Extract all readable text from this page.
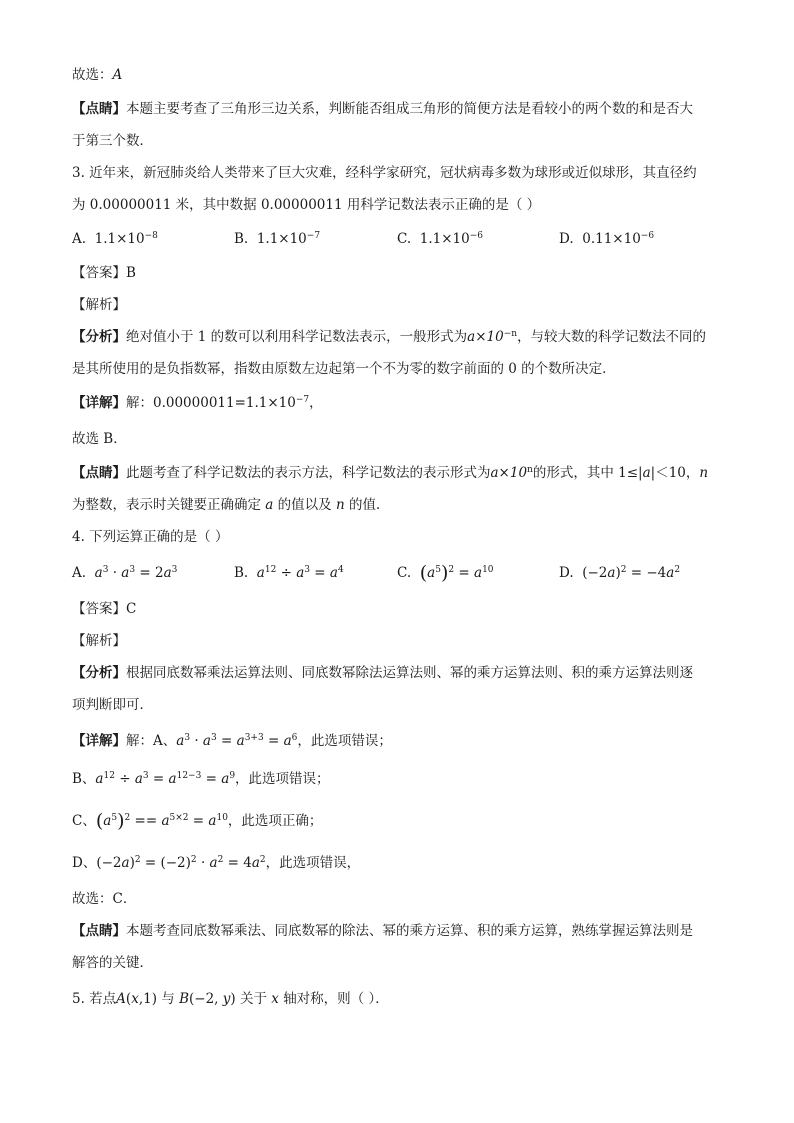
故选：A
【点睛】本题主要考查了三角形三边关系，判断能否组成三角形的简便方法是看较小的两个数的和是否大
于第三个数．
3. 近年来，新冠肺炎给人类带来了巨大灾难，经科学家研究，冠状病毒多数为球形或近似球形，其直径约
为 0.00000011 米，其中数据 0.00000011 用科学记数法表示正确的是（ ）
A. $1.1\times 10^{-8}$	B. $1.1\times 10^{-7}$	C. $1.1\times 10^{-6}$	D. $0.11\times 10^{-6}$
【答案】B
【解析】
【分析】绝对值小于 1 的数可以利用科学记数法表示，一般形式为$a\times 10^{-n}$，与较大数的科学记数法不同的
是其所使用的是负指数幂，指数由原数左边起第一个不为零的数字前面的 0 的个数所决定．
【详解】解：$0.00000011=1.1\times 10^{-7}$，
故选 B．
【点睛】此题考查了科学记数法的表示方法，科学记数法的表示形式为$a\times 10^n$的形式，其中 1≤|a|＜10，n
为整数，表示时关键要正确确定 a 的值以及 n 的值．
4. 下列运算正确的是（ ）
A.  $a^3 \cdot a^3 = 2a^3$	B.  $a^{12} \div a^3 = a^4$	C.  $(a^5)^2 = a^{10}$	D.  $(-2a)^2 = -4a^2$
【答案】C
【解析】
【分析】根据同底数幂乘法运算法则、同底数幂除法运算法则、幂的乘方运算法则、积的乘方运算法则逐
项判断即可．
【详解】解：A、$a^3 \cdot a^3 = a^{3+3} = a^6$，此选项错误；
B、$a^{12} \div a^3 = a^{12-3} = a^9$，此选项错误；
C、$(a^5)^2 == a^{5\times 2} = a^{10}$，此选项正确；
D、$(-2a)^2 = (-2)^2 \cdot a^2 = 4a^2$，此选项错误，
故选：C．
【点睛】本题考查同底数幂乘法、同底数幂的除法、幂的乘方运算、积的乘方运算，熟练掌握运算法则是
解答的关键．
5. 若点A(x,1) 与 B(−2, y) 关于 x 轴对称，则（ ）．
